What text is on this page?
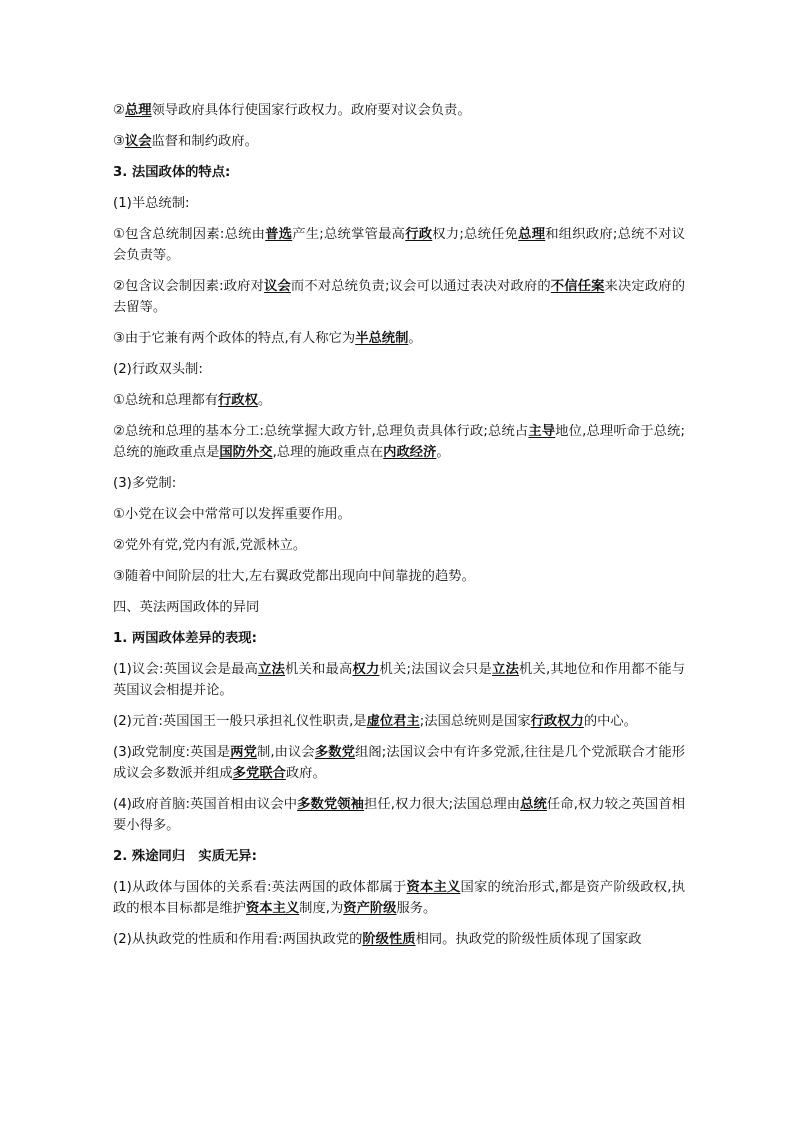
②总理领导政府具体行使国家行政权力。政府要对议会负责。
③议会监督和制约政府。
3. 法国政体的特点:
(1)半总统制:
①包含总统制因素:总统由普选产生;总统掌管最高行政权力;总统任免总理和组织政府;总统不对议会负责等。
②包含议会制因素:政府对议会而不对总统负责;议会可以通过表决对政府的不信任案来决定政府的去留等。
③由于它兼有两个政体的特点,有人称它为半总统制。
(2)行政双头制:
①总统和总理都有行政权。
②总统和总理的基本分工:总统掌握大政方针,总理负责具体行政;总统占主导地位,总理听命于总统;总统的施政重点是国防外交,总理的施政重点在内政经济。
(3)多党制:
①小党在议会中常常可以发挥重要作用。
②党外有党,党内有派,党派林立。
③随着中间阶层的壮大,左右翼政党都出现向中间靠拢的趋势。
四、英法两国政体的异同
1. 两国政体差异的表现:
(1)议会:英国议会是最高立法机关和最高权力机关;法国议会只是立法机关,其地位和作用都不能与英国议会相提并论。
(2)元首:英国国王一般只承担礼仪性职责,是虚位君主;法国总统则是国家行政权力的中心。
(3)政党制度:英国是两党制,由议会多数党组阁;法国议会中有许多党派,往往是几个党派联合才能形成议会多数派并组成多党联合政府。
(4)政府首脑:英国首相由议会中多数党领袖担任,权力很大;法国总理由总统任命,权力较之英国首相要小得多。
2. 殊途同归　实质无异:
(1)从政体与国体的关系看:英法两国的政体都属于资本主义国家的统治形式,都是资产阶级政权,执政的根本目标都是维护资本主义制度,为资产阶级服务。
(2)从执政党的性质和作用看:两国执政党的阶级性质相同。执政党的阶级性质体现了国家政
